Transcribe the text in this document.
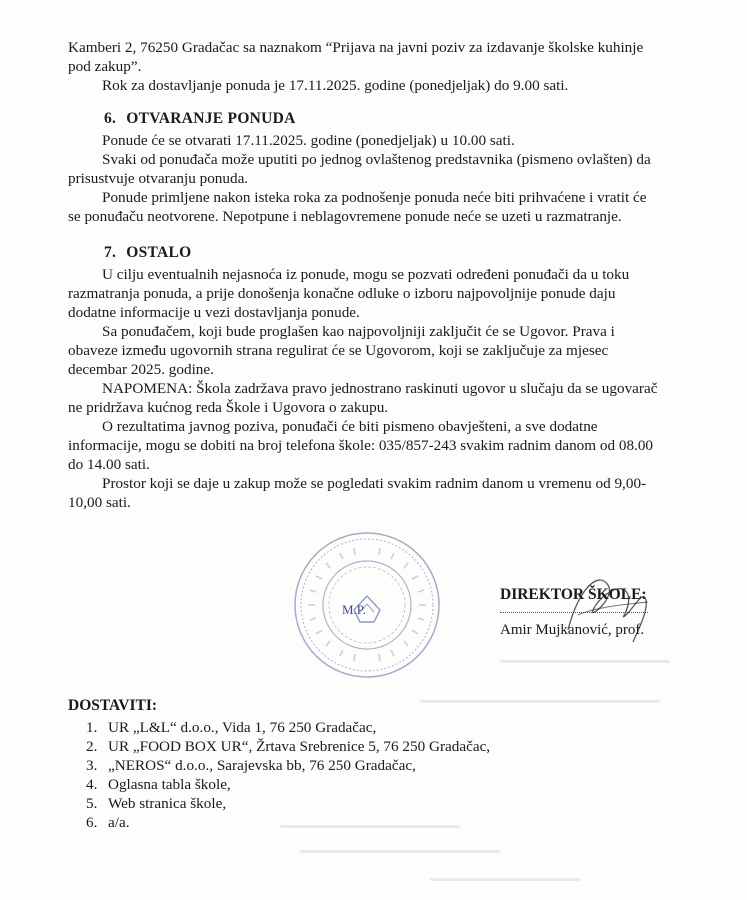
Kamberi 2, 76250 Gradačac sa naznakom “Prijava na javni poziv za izdavanje školske kuhinje
pod zakup”.
Rok za dostavljanje ponuda je 17.11.2025. godine (ponedjeljak) do 9.00 sati.
6. OTVARANJE PONUDA
Ponude će se otvarati 17.11.2025. godine (ponedjeljak) u 10.00 sati.
Svaki od ponuđača može uputiti po jednog ovlaštenog predstavnika (pismeno ovlašten) da
prisustvuje otvaranju ponuda.
Ponude primljene nakon isteka roka za podnošenje ponuda neće biti prihvaćene i vratit će
se ponuđaču neotvorene. Nepotpune i neblagovremene ponude neće se uzeti u razmatranje.
7. OSTALO
U cilju eventualnih nejasnoća iz ponude, mogu se pozvati određeni ponuđači da u toku
razmatranja ponuda, a prije donošenja konačne odluke o izboru najpovoljnije ponude daju
dodatne informacije u vezi dostavljanja ponude.
Sa ponuđačem, koji bude proglašen kao najpovoljniji zaključit će se Ugovor. Prava i
obaveze između ugovornih strana regulirat će se Ugovorom, koji se zaključuje za mjesec
decembar 2025. godine.
NAPOMENA: Škola zadržava pravo jednostrano raskinuti ugovor u slučaju da se ugovarač
ne pridržava kućnog reda Škole i Ugovora o zakupu.
O rezultatima javnog poziva, ponuđači će biti pismeno obavješteni, a sve dodatne
informacije, mogu se dobiti na broj telefona škole: 035/857-243 svakim radnim danom od 08.00
do 14.00 sati.
Prostor koji se daje u zakup može se pogledati svakim radnim danom u vremenu od 9,00-
10,00 sati.
M.P.
DIREKTOR ŠKOLE:
Amir Mujkanović, prof.
DOSTAVITI:
1. UR „L&L“ d.o.o., Vida 1, 76 250 Gradačac,
2. UR „FOOD BOX UR“, Žrtava Srebrenice 5, 76 250 Gradačac,
3. „NEROS“ d.o.o., Sarajevska bb, 76 250 Gradačac,
4. Oglasna tabla škole,
5. Web stranica škole,
6. a/a.
